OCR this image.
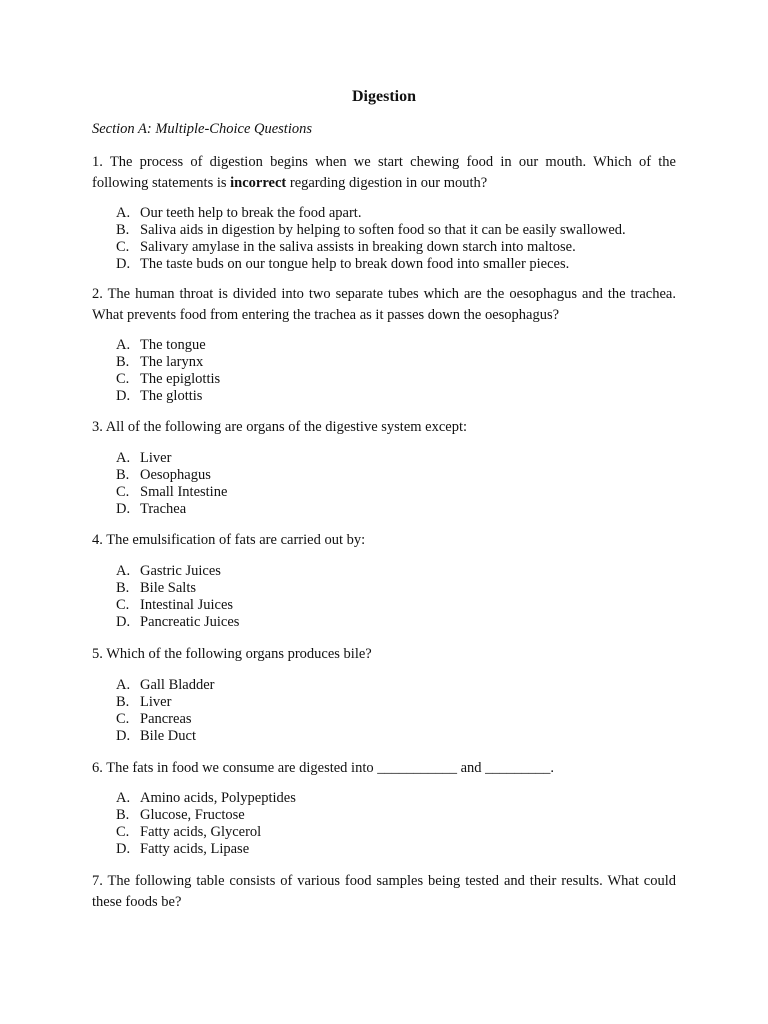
Digestion
Section A: Multiple-Choice Questions
1. The process of digestion begins when we start chewing food in our mouth. Which of the following statements is incorrect regarding digestion in our mouth?
A. Our teeth help to break the food apart.
B. Saliva aids in digestion by helping to soften food so that it can be easily swallowed.
C. Salivary amylase in the saliva assists in breaking down starch into maltose.
D. The taste buds on our tongue help to break down food into smaller pieces.
2. The human throat is divided into two separate tubes which are the oesophagus and the trachea. What prevents food from entering the trachea as it passes down the oesophagus?
A. The tongue
B. The larynx
C. The epiglottis
D. The glottis
3. All of the following are organs of the digestive system except:
A. Liver
B. Oesophagus
C. Small Intestine
D. Trachea
4. The emulsification of fats are carried out by:
A. Gastric Juices
B. Bile Salts
C. Intestinal Juices
D. Pancreatic Juices
5. Which of the following organs produces bile?
A. Gall Bladder
B. Liver
C. Pancreas
D. Bile Duct
6. The fats in food we consume are digested into ___________ and _________.
A. Amino acids, Polypeptides
B. Glucose, Fructose
C. Fatty acids, Glycerol
D. Fatty acids, Lipase
7. The following table consists of various food samples being tested and their results. What could these foods be?
